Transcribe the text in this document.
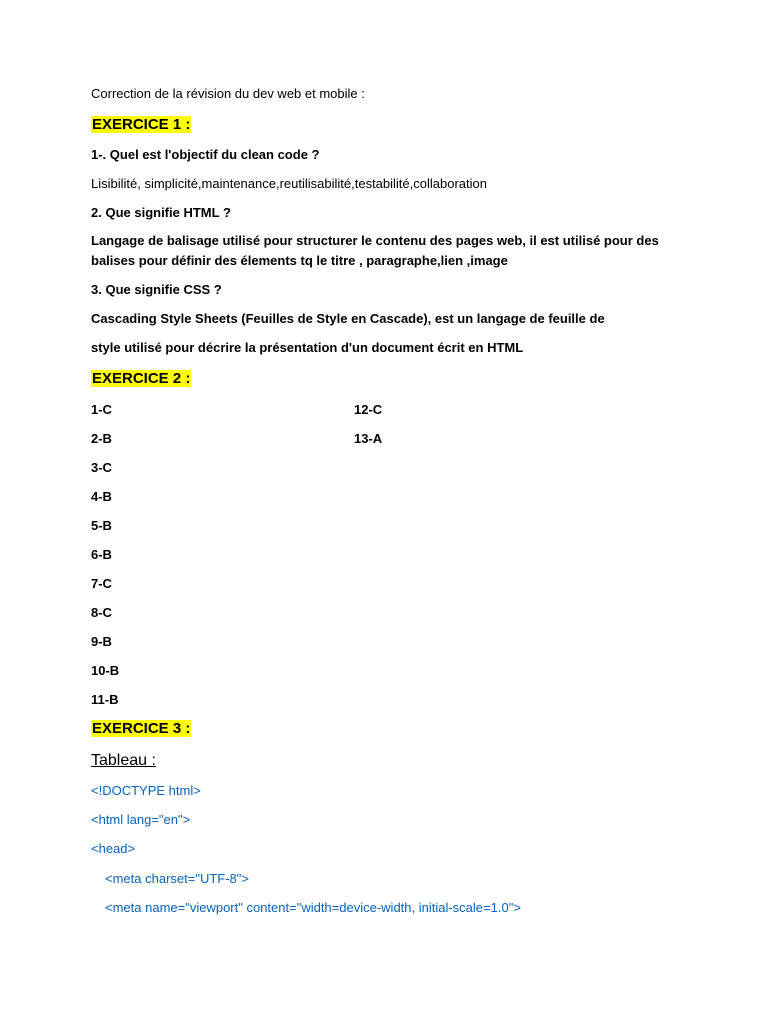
Correction de la révision du dev web et mobile :
EXERCICE 1 :
1-. Quel est l'objectif du clean code ?
Lisibilité, simplicité,maintenance,reutilisabilité,testabilité,collaboration
2. Que signifie HTML ?
Langage de balisage utilisé pour structurer le contenu des pages web, il est utilisé pour des
balises pour définir des élements tq le titre , paragraphe,lien ,image
3. Que signifie CSS ?
Cascading Style Sheets (Feuilles de Style en Cascade), est un langage de feuille de
style utilisé pour décrire la présentation d'un document écrit en HTML
EXERCICE 2 :
1-C
2-B
3-C
4-B
5-B
6-B
7-C
8-C
9-B
10-B
11-B
12-C
13-A
EXERCICE 3 :
Tableau :
<!DOCTYPE html>
<html lang="en">
<head>
<meta charset="UTF-8">
<meta name="viewport" content="width=device-width, initial-scale=1.0">
